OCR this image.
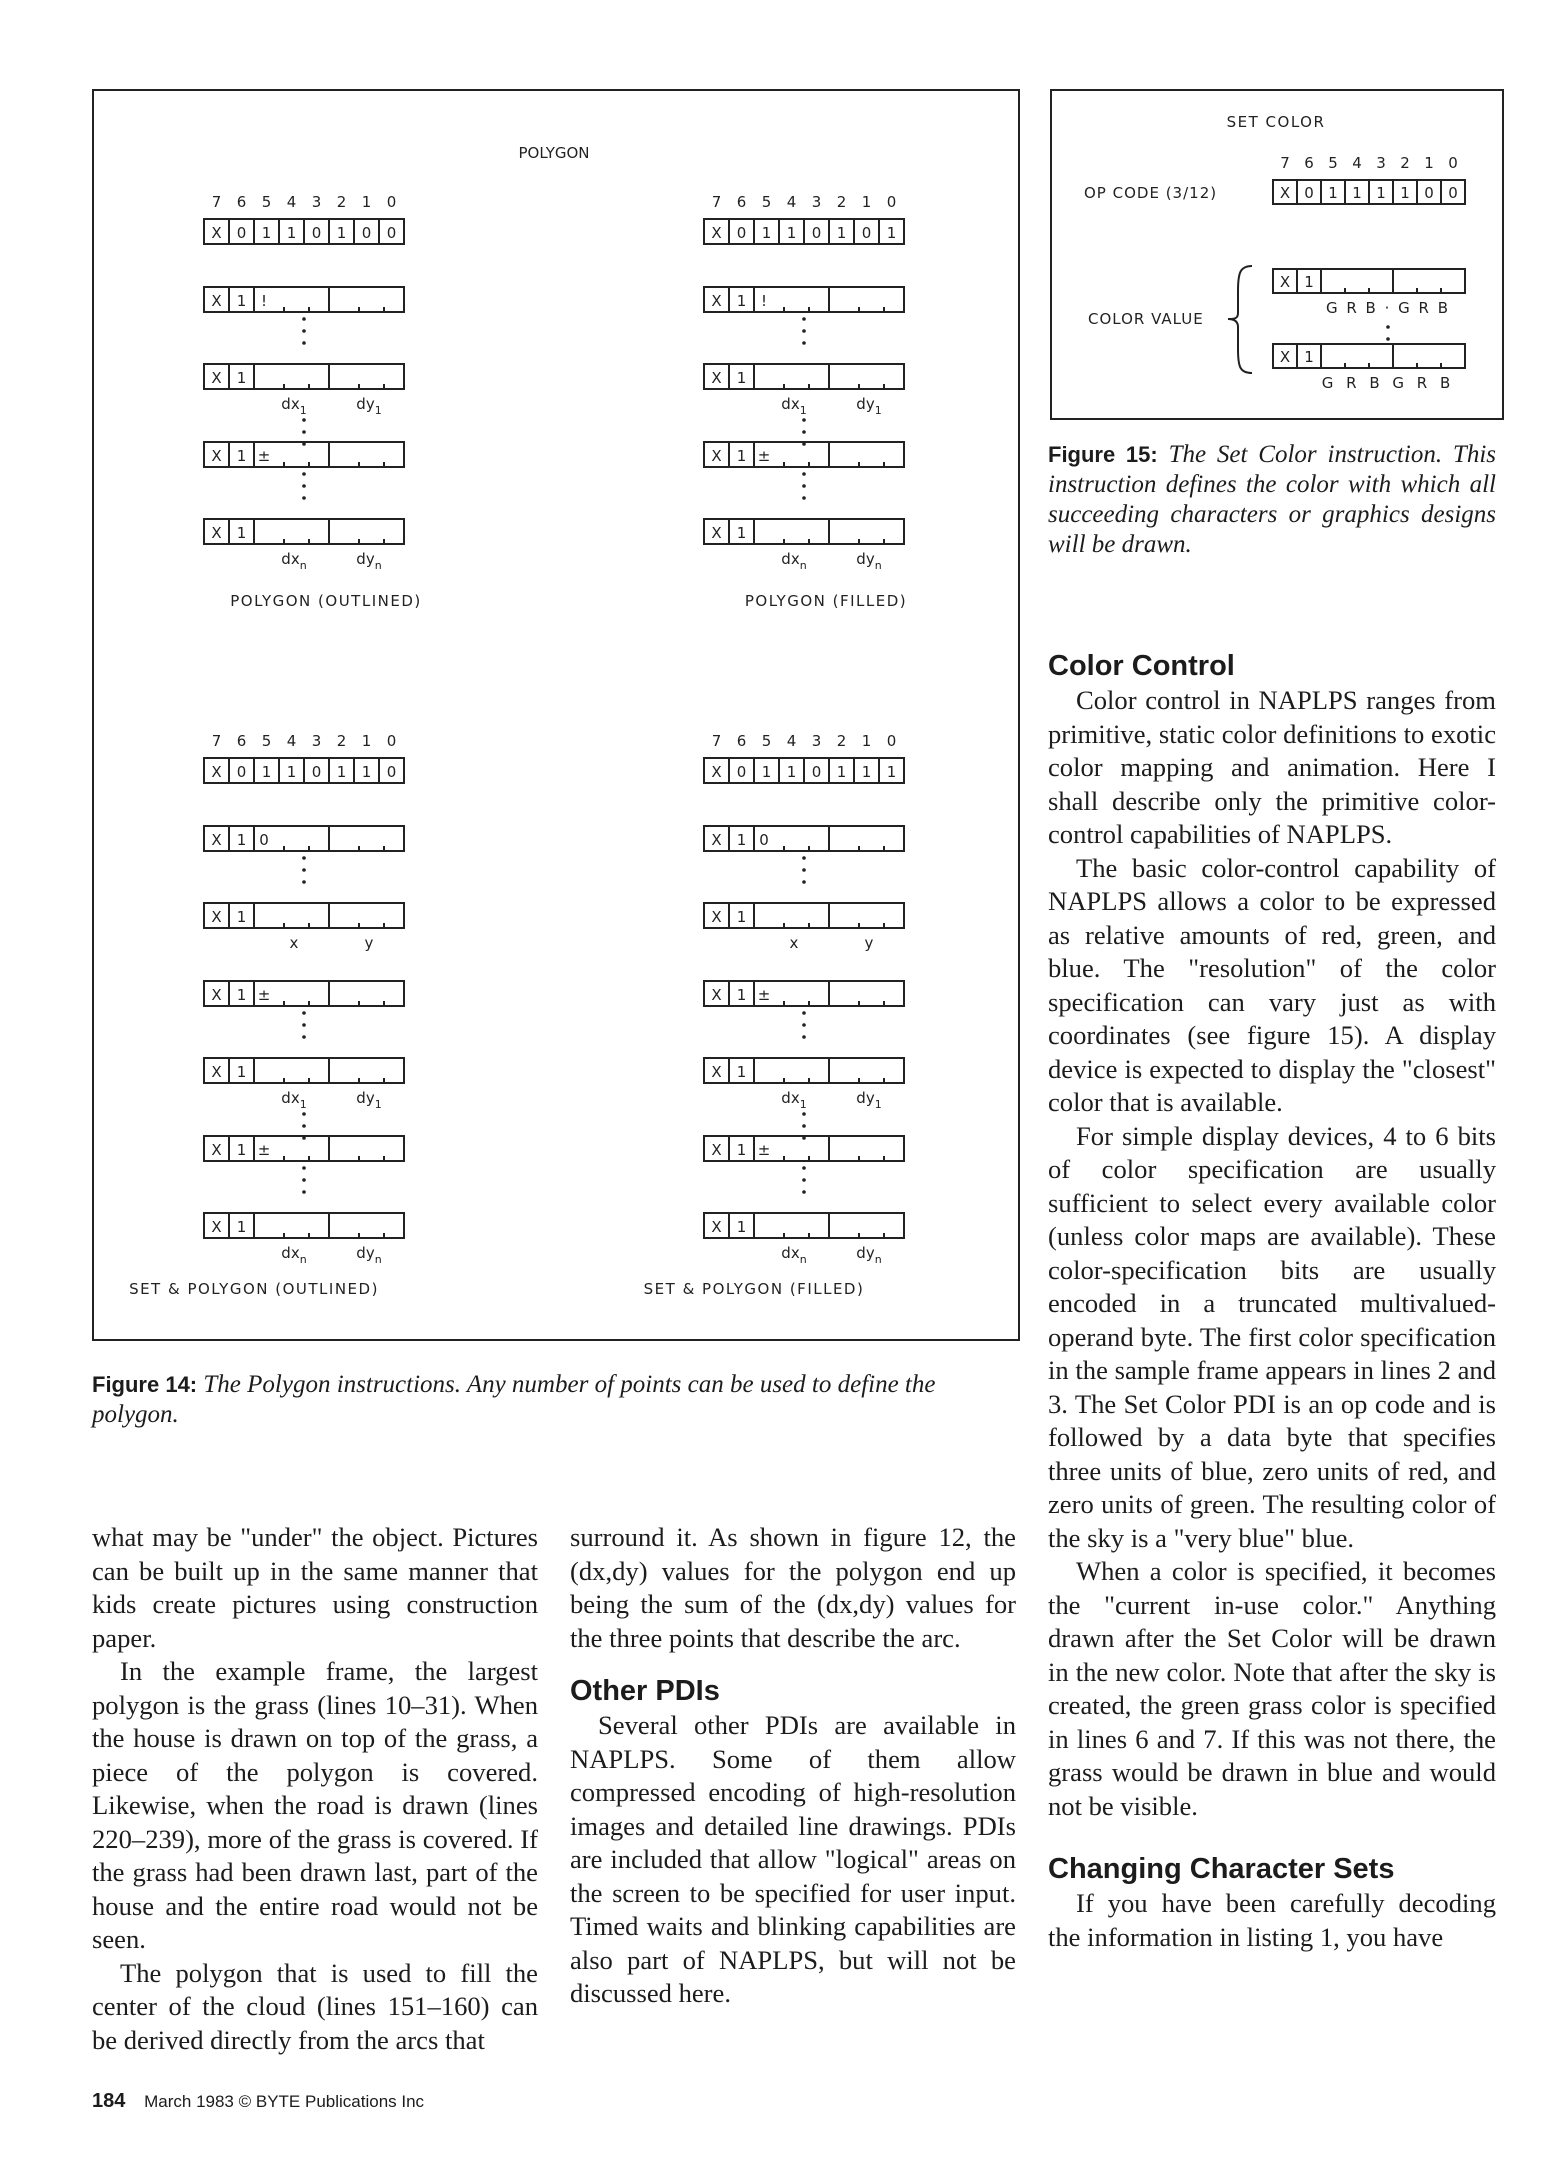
POLYGON
7 6 5 4 3 2 1 0
X 0 1 1 0 1 0 0
X 1 !
X 1
$dx_1$	$dy_1$
X 1 ±
X 1
$dx_n$	$dy_n$
POLYGON (OUTLINED)
7 6 5 4 3 2 1 0
X 0 1 1 0 1 0 1
X 1 !
X 1
$dx_1$	$dy_1$
X 1 ±
X 1
$dx_n$	$dy_n$
POLYGON (FILLED)
7 6 5 4 3 2 1 0
X 0 1 1 0 1 1 0
X 1 0
X 1
x	y
X 1 ±
X 1
$dx_1$	$dy_1$
X 1 ±
X 1
$dx_n$	$dy_n$
SET & POLYGON (OUTLINED)
7 6 5 4 3 2 1 0
X 0 1 1 0 1 1 1
X 1 0
X 1
x	y
X 1 ±
X 1
$dx_1$	$dy_1$
X 1 ±
X 1
$dx_n$	$dy_n$
SET & POLYGON (FILLED)
Figure 14: The Polygon instructions. Any number of points can be used to define the polygon.
SET COLOR
7 6 5 4 3 2 1 0
X 0 1 1 1 1 0 0
OP CODE (3/12)
COLOR VALUE
X 1
G R B · G R B
X 1
G R B G R B
Figure 15: The Set Color instruction. This instruction defines the color with which all succeeding characters or graphics designs will be drawn.

what may be "under" the object. Pictures can be built up in the same manner that kids create pictures using construction paper.

In the example frame, the largest polygon is the grass (lines 10–31). When the house is drawn on top of the grass, a piece of the polygon is covered. Likewise, when the road is drawn (lines 220–239), more of the grass is covered. If the grass had been drawn last, part of the house and the entire road would not be seen.

The polygon that is used to fill the center of the cloud (lines 151–160) can be derived directly from the arcs that

surround it. As shown in figure 12, the (dx,dy) values for the polygon end up being the sum of the (dx,dy) values for the three points that describe the arc.

Other PDIs

Several other PDIs are available in NAPLPS. Some of them allow compressed encoding of high-resolution images and detailed line drawings. PDIs are included that allow "logical" areas on the screen to be specified for user input. Timed waits and blinking capabilities are also part of NAPLPS, but will not be discussed here.

Color Control

Color control in NAPLPS ranges from primitive, static color definitions to exotic color mapping and animation. Here I shall describe only the primitive color-control capabilities of NAPLPS.

The basic color-control capability of NAPLPS allows a color to be expressed as relative amounts of red, green, and blue. The "resolution" of the color specification can vary just as with coordinates (see figure 15). A display device is expected to display the "closest" color that is available.

For simple display devices, 4 to 6 bits of color specification are usually sufficient to select every available color (unless color maps are available). These color-specification bits are usually encoded in a truncated multivalued-operand byte. The first color specification in the sample frame appears in lines 2 and 3. The Set Color PDI is an op code and is followed by a data byte that specifies three units of blue, zero units of red, and zero units of green. The resulting color of the sky is a "very blue" blue.

When a color is specified, it becomes the "current in-use color." Anything drawn after the Set Color will be drawn in the new color. Note that after the sky is created, the green grass color is specified in lines 6 and 7. If this was not there, the grass would be drawn in blue and would not be visible.

Changing Character Sets

If you have been carefully decoding the information in listing 1, you have

184 March 1983 © BYTE Publications Inc
